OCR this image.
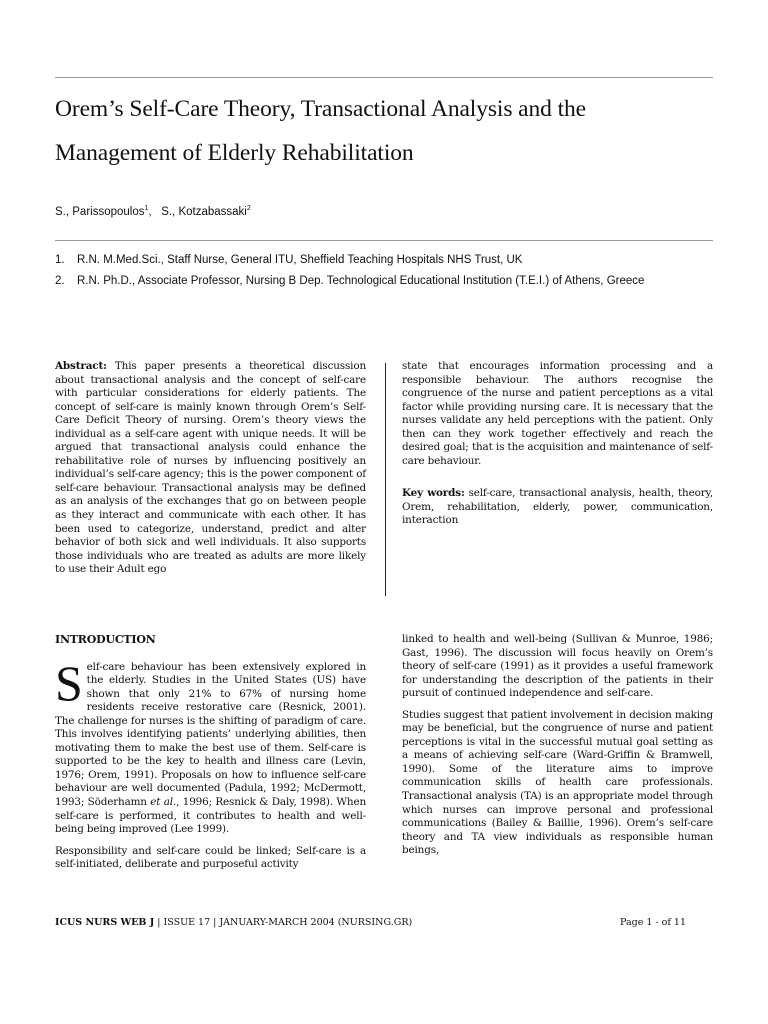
Orem’s Self-Care Theory, Transactional Analysis and the
Management of Elderly Rehabilitation
S., Parissopoulos$^1$,   S., Kotzabassaki$^2$
1. R.N. M.Med.Sci., Staff Nurse, General ITU, Sheffield Teaching Hospitals NHS Trust, UK
2. R.N. Ph.D., Associate Professor, Nursing B Dep. Technological Educational Institution (T.E.I.) of Athens, Greece

Abstract: This paper presents a theoretical discussion about transactional analysis and the concept of self-care with particular considerations for elderly patients. The concept of self-care is mainly known through Orem’s Self-Care Deficit Theory of nursing. Orem’s theory views the individual as a self-care agent with unique needs. It will be argued that transactional analysis could enhance the rehabilitative role of nurses by influencing positively an individual’s self-care agency; this is the power component of self-care behaviour. Transactional analysis may be defined as an analysis of the exchanges that go on between people as they interact and communicate with each other. It has been used to categorize, understand, predict and alter behavior of both sick and well individuals. It also supports those individuals who are treated as adults are more likely to use their Adult ego

state that encourages information processing and a responsible behaviour. The authors recognise the congruence of the nurse and patient perceptions as a vital factor while providing nursing care. It is necessary that the nurses validate any held perceptions with the patient. Only then can they work together effectively and reach the desired goal; that is the acquisition and maintenance of self-care behaviour.

Key words: self-care, transactional analysis, health, theory, Orem, rehabilitation, elderly, power, communication, interaction

INTRODUCTION

Self-care behaviour has been extensively explored in the elderly. Studies in the United States (US) have shown that only 21% to 67% of nursing home residents receive restorative care (Resnick, 2001). The challenge for nurses is the shifting of paradigm of care. This involves identifying patients’ underlying abilities, then motivating them to make the best use of them. Self-care is supported to be the key to health and illness care (Levin, 1976; Orem, 1991). Proposals on how to influence self-care behaviour are well documented (Padula, 1992; McDermott, 1993; Söderhamn et al., 1996; Resnick & Daly, 1998). When self-care is performed, it contributes to health and well-being being improved (Lee 1999).

Responsibility and self-care could be linked; Self-care is a self-initiated, deliberate and purposeful activity

linked to health and well-being (Sullivan & Munroe, 1986; Gast, 1996). The discussion will focus heavily on Orem’s theory of self-care (1991) as it provides a useful framework for understanding the description of the patients in their pursuit of continued independence and self-care.

Studies suggest that patient involvement in decision making may be beneficial, but the congruence of nurse and patient perceptions is vital in the successful mutual goal setting as a means of achieving self-care (Ward-Griffin & Bramwell, 1990). Some of the literature aims to improve communication skills of health care professionals. Transactional analysis (TA) is an appropriate model through which nurses can improve personal and professional communications (Bailey & Baillie, 1996). Orem’s self-care theory and TA view individuals as responsible human beings,

ICUS NURS WEB J | ISSUE 17 | JANUARY-MARCH 2004 (NURSING.GR)	Page 1 - of 11
